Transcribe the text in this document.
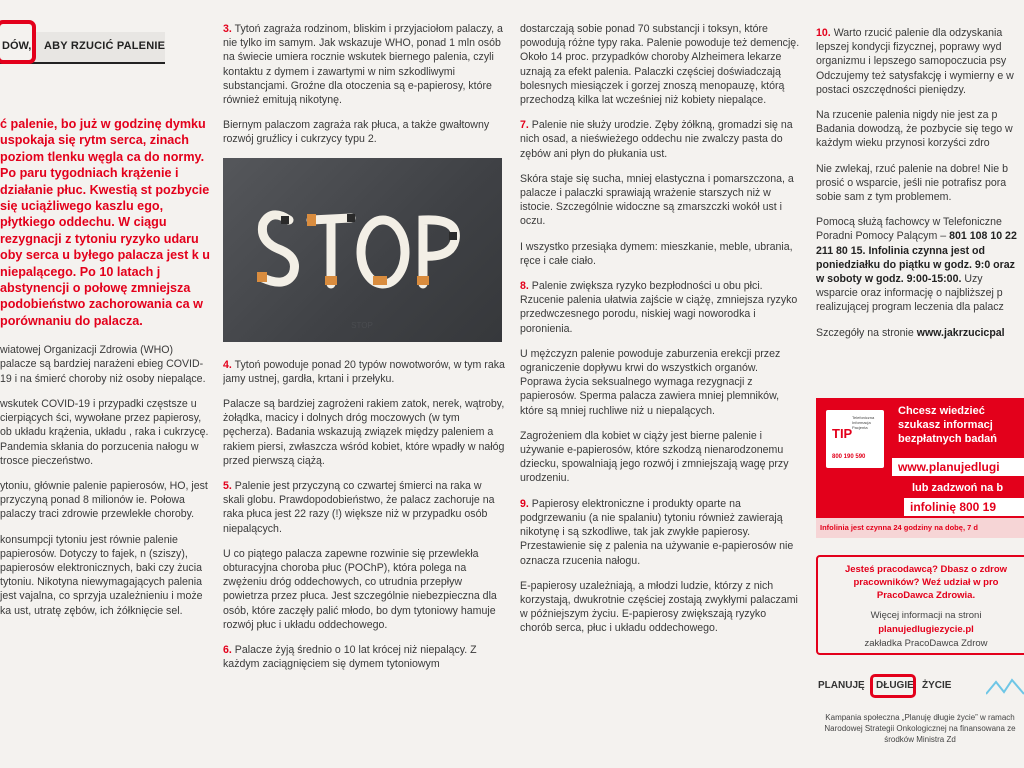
DÓW, ABY RZUCIĆ PALENIE

ć palenie, bo już w godzinę dymku uspokaja się rytm serca, zinach poziom tlenku węgla ca do normy. Po paru tygodniach krążenie i działanie płuc. Kwestią st pozbycie się uciążliwego kaszlu ego, płytkiego oddechu. W ciągu rezygnacji z tytoniu ryzyko udaru oby serca u byłego palacza jest k u niepalącego. Po 10 latach j abstynencji o połowę zmniejsza podobieństwo zachorowania ca w porównaniu do palacza.

wiatowej Organizacji Zdrowia (WHO) palacze są bardziej narażeni ebieg COVID-19 i na śmierć choroby niż osoby niepalące.

wskutek COVID-19 i przypadki częstsze u cierpiących ści, wywołane przez papierosy, ob układu krążenia, układu , raka i cukrzycę. Pandemia skłania do porzucenia nałogu w trosce pieczeństwo.

ytoniu, głównie palenie papierosów, HO, jest przyczyną ponad 8 milionów ie. Połowa palaczy traci zdrowie przewlekłe choroby.

konsumpcji tytoniu jest równie palenie papierosów. Dotyczy to fajek, n (sziszy), papierosów elektronicznych, baki czy żucia tytoniu. Nikotyna niewymagających palenia jest vajalna, co sprzyja uzależnieniu i może ka ust, utratę zębów, ich żółknięcie sel.

3. Tytoń zagraża rodzinom, bliskim i przyjaciołom palaczy, a nie tylko im samym. Jak wskazuje WHO, ponad 1 mln osób na świecie umiera rocznie wskutek biernego palenia, czyli kontaktu z dymem i zawartymi w nim szkodliwymi substancjami. Groźne dla otoczenia są e-papierosy, które również emitują nikotynę.

Biernym palaczom zagraża rak płuca, a także gwałtowny rozwój gruźlicy i cukrzycy typu 2.

STOP

4. Tytoń powoduje ponad 20 typów nowotworów, w tym raka jamy ustnej, gardła, krtani i przełyku.

Palacze są bardziej zagrożeni rakiem zatok, nerek, wątroby, żołądka, macicy i dolnych dróg moczowych (w tym pęcherza). Badania wskazują związek między paleniem a rakiem piersi, zwłaszcza wśród kobiet, które wpadły w nałóg przed pierwszą ciążą.

5. Palenie jest przyczyną co czwartej śmierci na raka w skali globu. Prawdopodobieństwo, że palacz zachoruje na raka płuca jest 22 razy (!) większe niż w przypadku osób niepalących.

U co piątego palacza zapewne rozwinie się przewlekła obturacyjna choroba płuc (POChP), która polega na zwężeniu dróg oddechowych, co utrudnia przepływ powietrza przez płuca. Jest szczególnie niebezpieczna dla osób, które zaczęły palić młodo, bo dym tytoniowy hamuje rozwój płuc i układu oddechowego.

6. Palacze żyją średnio o 10 lat krócej niż niepalący. Z każdym zaciągnięciem się dymem tytoniowym

dostarczają sobie ponad 70 substancji i toksyn, które powodują różne typy raka. Palenie powoduje też demencję. Około 14 proc. przypadków choroby Alzheimera lekarze uznają za efekt palenia. Palaczki częściej doświadczają bolesnych miesiączek i gorzej znoszą menopauzę, którą przechodzą kilka lat wcześniej niż kobiety niepalące.

7. Palenie nie służy urodzie. Zęby żółkną, gromadzi się na nich osad, a nieświeżego oddechu nie zwalczy pasta do zębów ani płyn do płukania ust.

Skóra staje się sucha, mniej elastyczna i pomarszczona, a palacze i palaczki sprawiają wrażenie starszych niż w istocie. Szczególnie widoczne są zmarszczki wokół ust i oczu.

I wszystko przesiąka dymem: mieszkanie, meble, ubrania, ręce i całe ciało.

8. Palenie zwiększa ryzyko bezpłodności u obu płci. Rzucenie palenia ułatwia zajście w ciążę, zmniejsza ryzyko przedwczesnego porodu, niskiej wagi noworodka i poronienia.

U mężczyzn palenie powoduje zaburzenia erekcji przez ograniczenie dopływu krwi do wszystkich organów. Poprawa życia seksualnego wymaga rezygnacji z papierosów. Sperma palacza zawiera mniej plemników, które są mniej ruchliwe niż u niepalących.

Zagrożeniem dla kobiet w ciąży jest bierne palenie i używanie e-papierosów, które szkodzą nienarodzonemu dziecku, spowalniają jego rozwój i zmniejszają wagę przy urodzeniu.

9. Papierosy elektroniczne i produkty oparte na podgrzewaniu (a nie spalaniu) tytoniu również zawierają nikotynę i są szkodliwe, tak jak zwykłe papierosy. Przestawienie się z palenia na używanie e-papierosów nie oznacza rzucenia nałogu.

E-papierosy uzależniają, a młodzi ludzie, którzy z nich korzystają, dwukrotnie częściej zostają zwykłymi palaczami w późniejszym życiu. E-papierosy zwiększają ryzyko chorób serca, płuc i układu oddechowego.

10. Warto rzucić palenie dla odzyskania lepszej kondycji fizycznej, poprawy wyd organizmu i lepszego samopoczucia psy Odczujemy też satysfakcję i wymierny e w postaci oszczędności pieniędzy.

Na rzucenie palenia nigdy nie jest za p Badania dowodzą, że pozbycie się tego w każdym wieku przynosi korzyści zdro

Nie zwlekaj, rzuć palenie na dobre! Nie b prosić o wsparcie, jeśli nie potrafisz pora sobie sam z tym problemem.

Pomocą służą fachowcy w Telefoniczne Poradni Pomocy Palącym – 801 108 10 22 211 80 15. Infolinia czynna jest od poniedziałku do piątku w godz. 9:0 oraz w soboty w godz. 9:00-15:00. Uzy wsparcie oraz informację o najbliższej p realizującej program leczenia dla palacz

Szczegóły na stronie www.jakrzucicpal

TIP
Telefoniczna Informacja Pacjenta
800 190 590
Chcesz wiedzieć szukasz informacj bezpłatnych badań
www.planujedlugi
lub zadzwoń na b
infolinię 800 19
Infolinia jest czynna 24 godziny na dobę, 7 d
Jesteś pracodawcą? Dbasz o zdrow pracowników? Weź udział w pro PracoDawca Zdrowia.
Więcej informacji na stroni
planujedlugiezycie.pl
zakładka PracoDawca Zdrow
PLANUJĘ DŁUGIE ŻYCIE

Kampania społeczna „Planuję długie życie” w ramach Narodowej Strategii Onkologicznej na finansowana ze środków Ministra Zd
